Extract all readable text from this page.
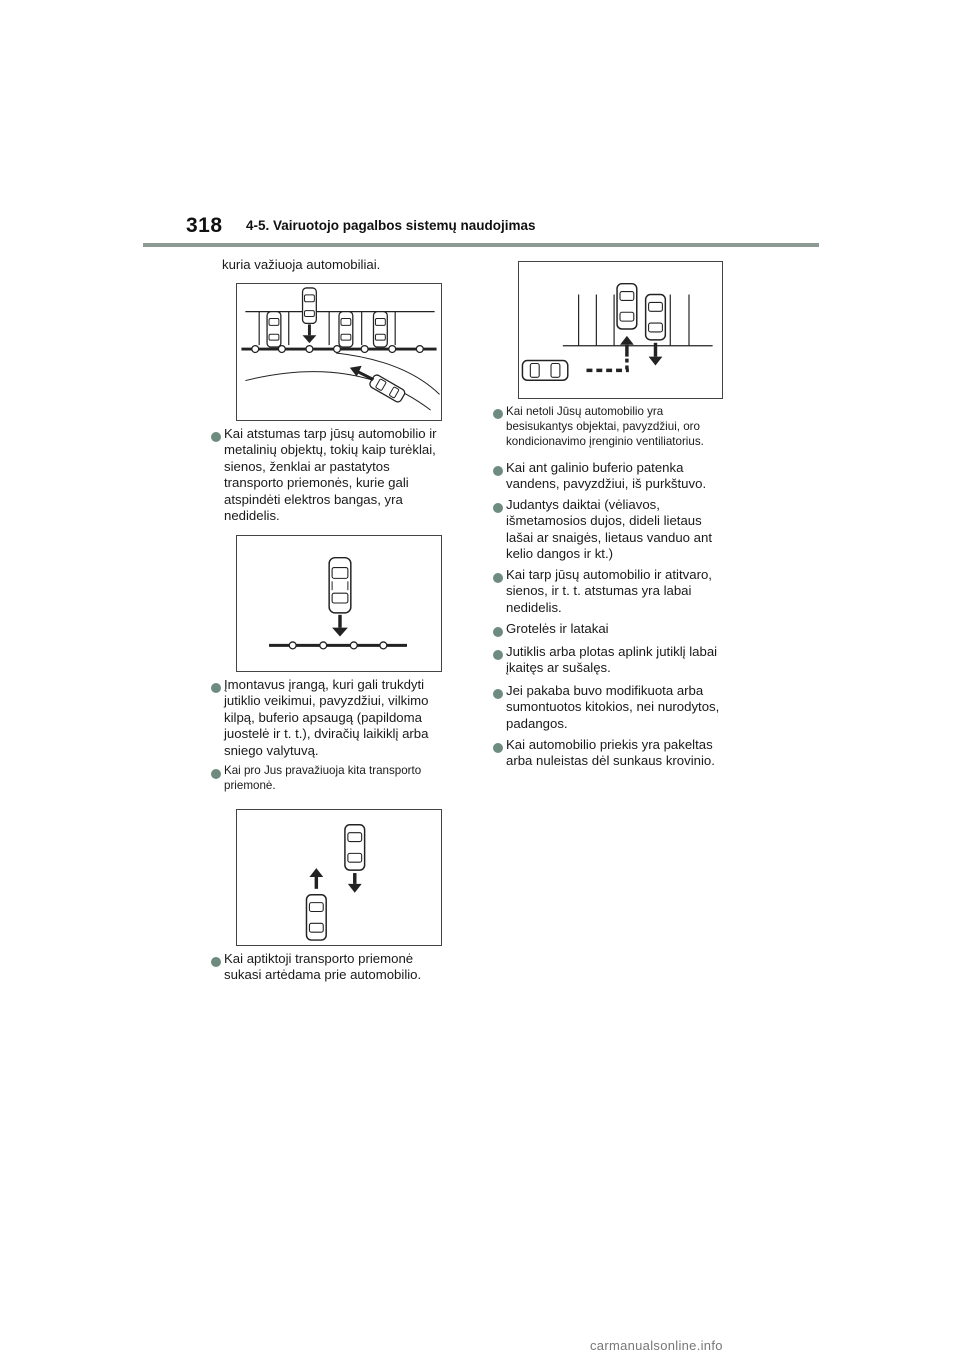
318 4-5. Vairuotojo pagalbos sistemų naudojimas
kuria važiuoja automobiliai.
Kai atstumas tarp jūsų automobilio ir
metalinių objektų, tokių kaip turėklai,
sienos, ženklai ar pastatytos
transporto priemonės, kurie gali
atspindėti elektros bangas, yra
nedidelis.
Įmontavus įrangą, kuri gali trukdyti
jutiklio veikimui, pavyzdžiui, vilkimo
kilpą, buferio apsaugą (papildoma
juostelė ir t. t.), dviračių laikiklį arba
sniego valytuvą.
Kai pro Jus pravažiuoja kita transporto
priemonė.
Kai aptiktoji transporto priemonė
sukasi artėdama prie automobilio.
Kai netoli Jūsų automobilio yra
besisukantys objektai, pavyzdžiui, oro
kondicionavimo įrenginio ventiliatorius.
Kai ant galinio buferio patenka
vandens, pavyzdžiui, iš purkštuvo.
Judantys daiktai (vėliavos,
išmetamosios dujos, dideli lietaus
lašai ar snaigės, lietaus vanduo ant
kelio dangos ir kt.)
Kai tarp jūsų automobilio ir atitvaro,
sienos, ir t. t. atstumas yra labai
nedidelis.
Grotelės ir latakai
Jutiklis arba plotas aplink jutiklį labai
įkaitęs ar sušalęs.
Jei pakaba buvo modifikuota arba
sumontuotos kitokios, nei nurodytos,
padangos.
Kai automobilio priekis yra pakeltas
arba nuleistas dėl sunkaus krovinio.
carmanualsonline.info
